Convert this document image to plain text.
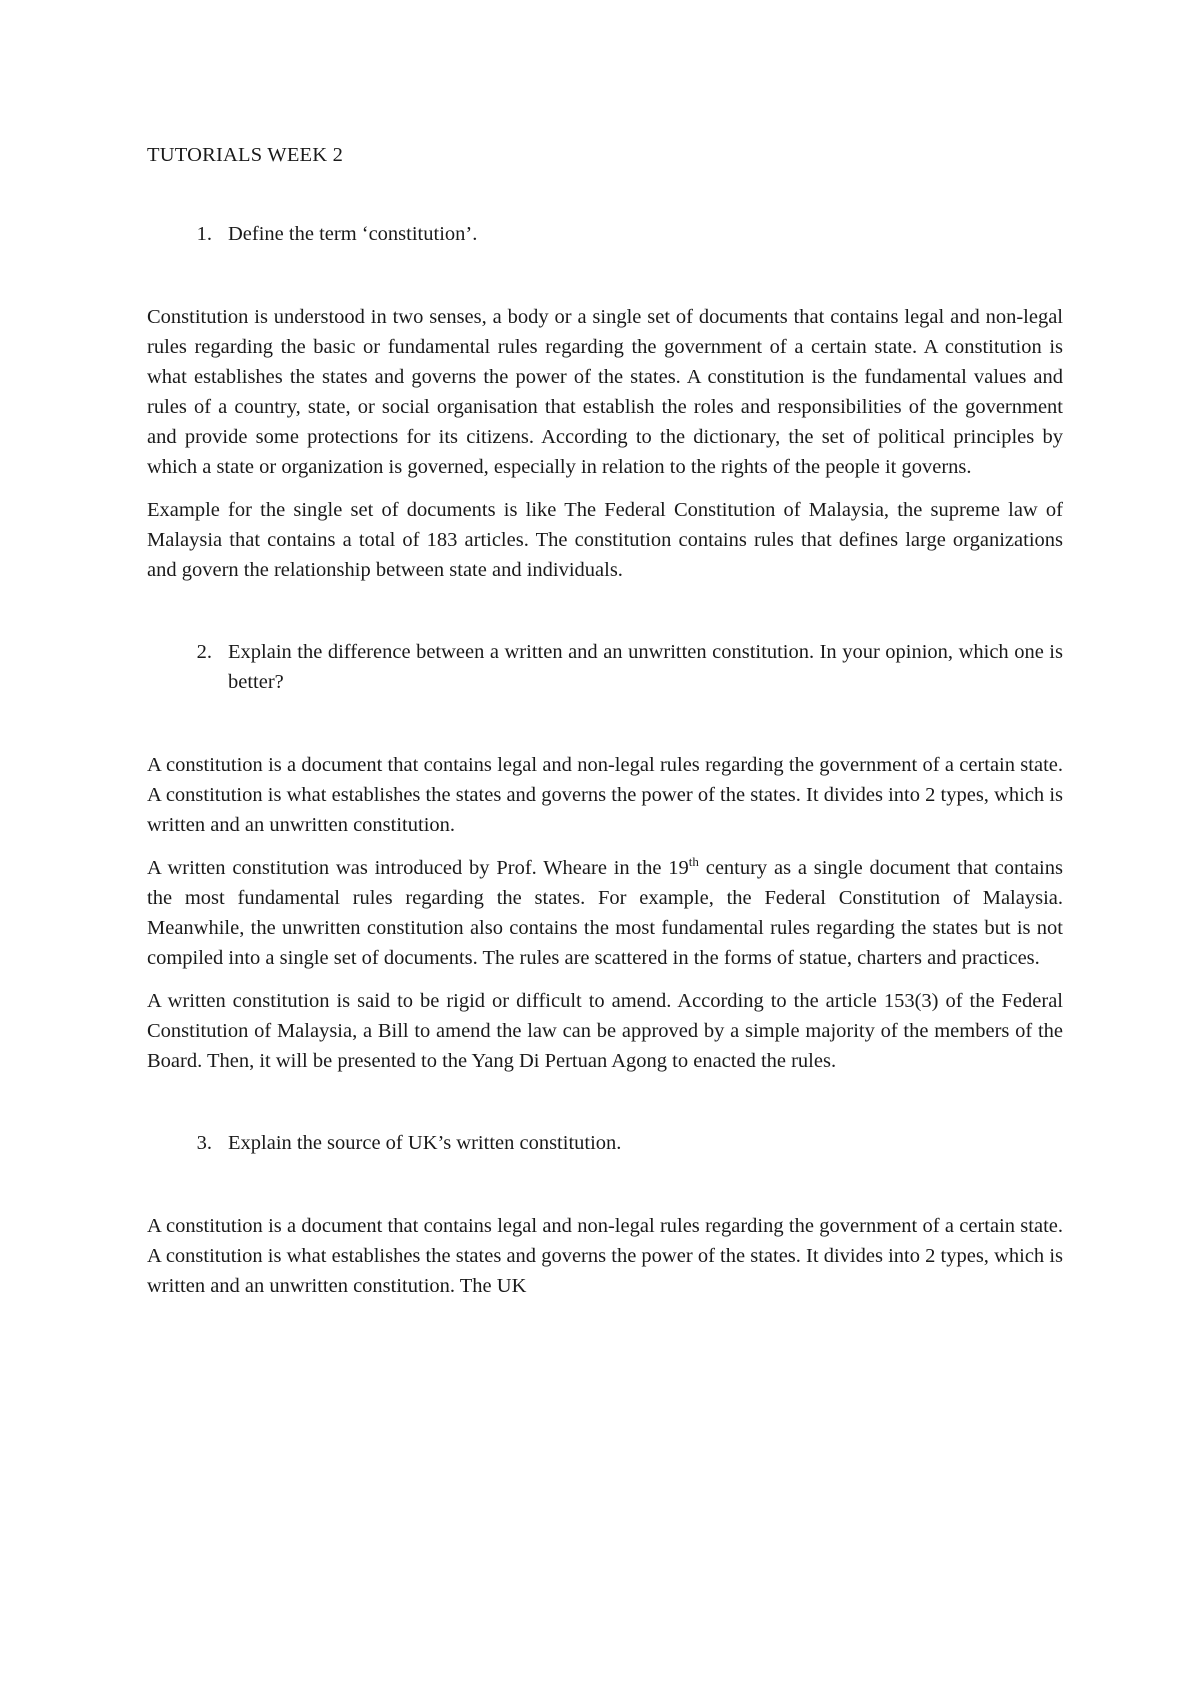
TUTORIALS WEEK 2

1. Define the term ‘constitution’.

Constitution is understood in two senses, a body or a single set of documents that contains legal and non-legal rules regarding the basic or fundamental rules regarding the government of a certain state. A constitution is what establishes the states and governs the power of the states. A constitution is the fundamental values and rules of a country, state, or social organisation that establish the roles and responsibilities of the government and provide some protections for its citizens. According to the dictionary, the set of political principles by which a state or organization is governed, especially in relation to the rights of the people it governs.

Example for the single set of documents is like The Federal Constitution of Malaysia, the supreme law of Malaysia that contains a total of 183 articles. The constitution contains rules that defines large organizations and govern the relationship between state and individuals.

2. Explain the difference between a written and an unwritten constitution. In your opinion, which one is better?

A constitution is a document that contains legal and non-legal rules regarding the government of a certain state. A constitution is what establishes the states and governs the power of the states. It divides into 2 types, which is written and an unwritten constitution.

A written constitution was introduced by Prof. Wheare in the 19th century as a single document that contains the most fundamental rules regarding the states. For example, the Federal Constitution of Malaysia. Meanwhile, the unwritten constitution also contains the most fundamental rules regarding the states but is not compiled into a single set of documents. The rules are scattered in the forms of statue, charters and practices.

A written constitution is said to be rigid or difficult to amend. According to the article 153(3) of the Federal Constitution of Malaysia, a Bill to amend the law can be approved by a simple majority of the members of the Board. Then, it will be presented to the Yang Di Pertuan Agong to enacted the rules.

3. Explain the source of UK’s written constitution.

A constitution is a document that contains legal and non-legal rules regarding the government of a certain state. A constitution is what establishes the states and governs the power of the states. It divides into 2 types, which is written and an unwritten constitution. The UK
